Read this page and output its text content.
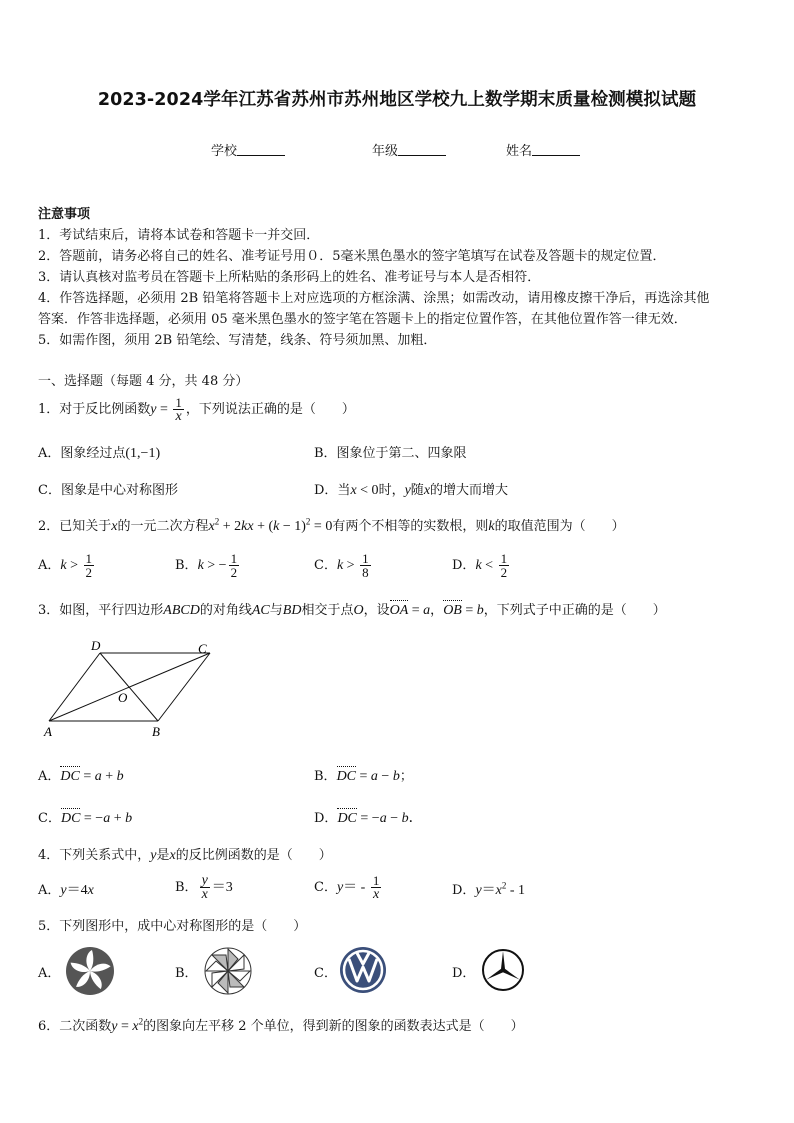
2023-2024学年江苏省苏州市苏州地区学校九上数学期末质量检测模拟试题
学校	年级	姓名
注意事项
1．考试结束后，请将本试卷和答题卡一并交回．
2．答题前，请务必将自己的姓名、准考证号用０．5毫米黑色墨水的签字笔填写在试卷及答题卡的规定位置．
3．请认真核对监考员在答题卡上所粘贴的条形码上的姓名、准考证号与本人是否相符．
4．作答选择题，必须用 2B 铅笔将答题卡上对应选项的方框涂满、涂黑；如需改动，请用橡皮擦干净后，再选涂其他
答案．作答非选择题，必须用 05 毫米黑色墨水的签字笔在答题卡上的指定位置作答，在其他位置作答一律无效．
5．如需作图，须用 2B 铅笔绘、写清楚，线条、符号须加黑、加粗．
一、选择题（每题 4 分，共 48 分）
1．对于反比例函数$y = \frac{1}{x}$ ，下列说法正确的是（　　）
A．图象经过点(1,−1)	B．图象位于第二、四象限
C．图象是中心对称图形	D．当x < 0时，y随x的增大而增大
2．已知关于x的一元二次方程$x^2 + 2kx + (k - 1)^2 = 0$有两个不相等的实数根，则k的取值范围为（　　）
A．$k > \frac{1}{2}$	B．k > − $\frac{1}{2}$	C．$k > \frac{1}{8}$	D．$k < \frac{1}{2}$
3．如图，平行四边形ABCD的对角线AC与BD相交于点O，设OA = a，OB = b，下列式子中正确的是（　　）
D	C
O
A	B
A．DC = a + b	B．DC = a − b；
C．DC = −a + b	D．DC = −a − b．
4．下列关系式中，y是x的反比例函数的是（　　）
A．y＝4x	B． $\frac{y}{x} =3$	C．$y= - \frac{1}{x}$	D．$y=x^2 - 1$
5．下列图形中，成中心对称图形的是（　　）
A．	B．	C．	D．
6．二次函数$y = x^2$的图象向左平移 2 个单位，得到新的图象的函数表达式是（　　）
